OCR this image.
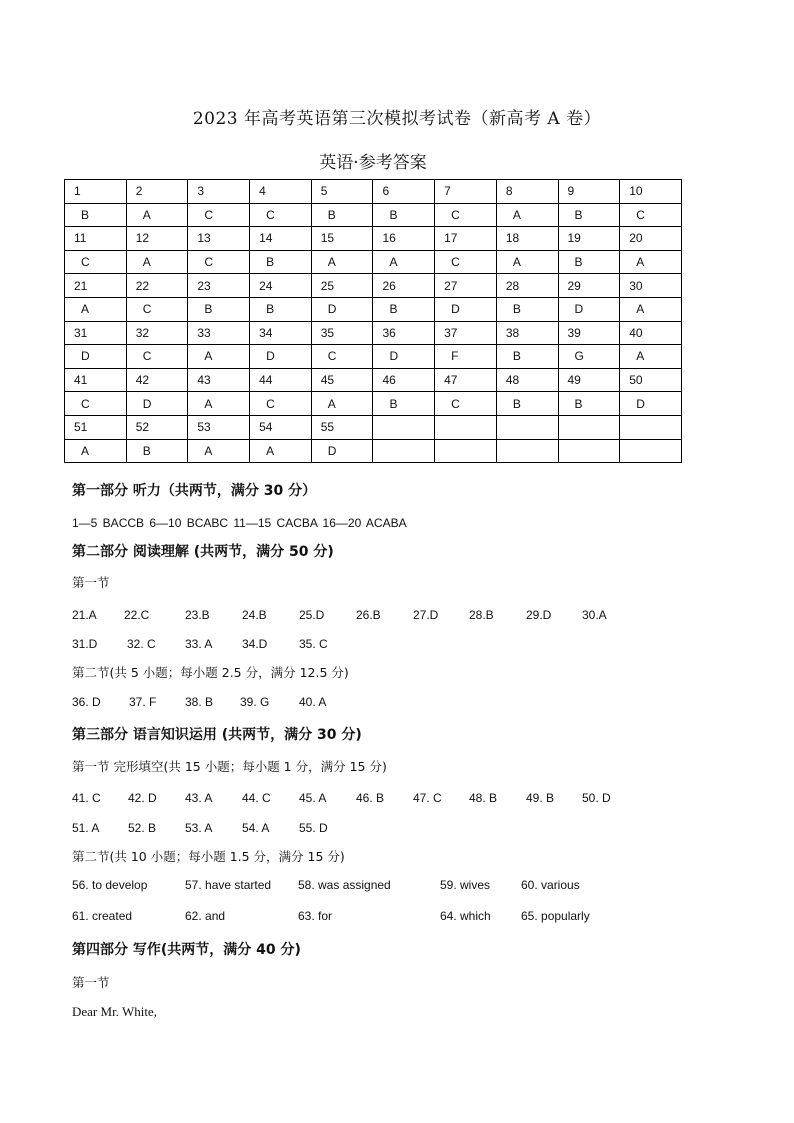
2023 年高考英语第三次模拟考试卷（新高考 A 卷）
英语·参考答案
1	2	3	4	5	6	7	8	9	10
B	A	C	C	B	B	C	A	B	C
11	12	13	14	15	16	17	18	19	20
C	A	C	B	A	A	C	A	B	A
21	22	23	24	25	26	27	28	29	30
A	C	B	B	D	B	D	B	D	A
31	32	33	34	35	36	37	38	39	40
D	C	A	D	C	D	F	B	G	A
41	42	43	44	45	46	47	48	49	50
C	D	A	C	A	B	C	B	B	D
51	52	53	54	55					
A	B	A	A	D					
第一部分 听力（共两节，满分 30 分）
1—5 BACCB 6—10 BCABC 11—15 CACBA 16—20 ACABA
第二部分 阅读理解 (共两节，满分 50 分)
第一节
21.A 22.C	23.B	24.B	25.D	26.B	27.D	28.B	29.D	30.A
31.D 32. C 33. A 34.D	35. C
第二节(共 5 小题；每小题 2.5 分，满分 12.5 分)
36. D 37. F 38. B 39. G 40. A
第三部分 语言知识运用 (共两节，满分 30 分)
第一节 完形填空(共 15 小题；每小题 1 分，满分 15 分)
41. C 42. D 43. A 44. C 45. A 46. B 47. C 48. B 49. B 50. D
51. A 52. B 53. A 54. A 55. D
第二节(共 10 小题；每小题 1.5 分，满分 15 分)
56. to develop	57. have started 58. was assigned	59. wives	60. various
61. created	62. and	63. for	64. which	65. popularly
第四部分 写作(共两节，满分 40 分)
第一节
Dear Mr. White,
